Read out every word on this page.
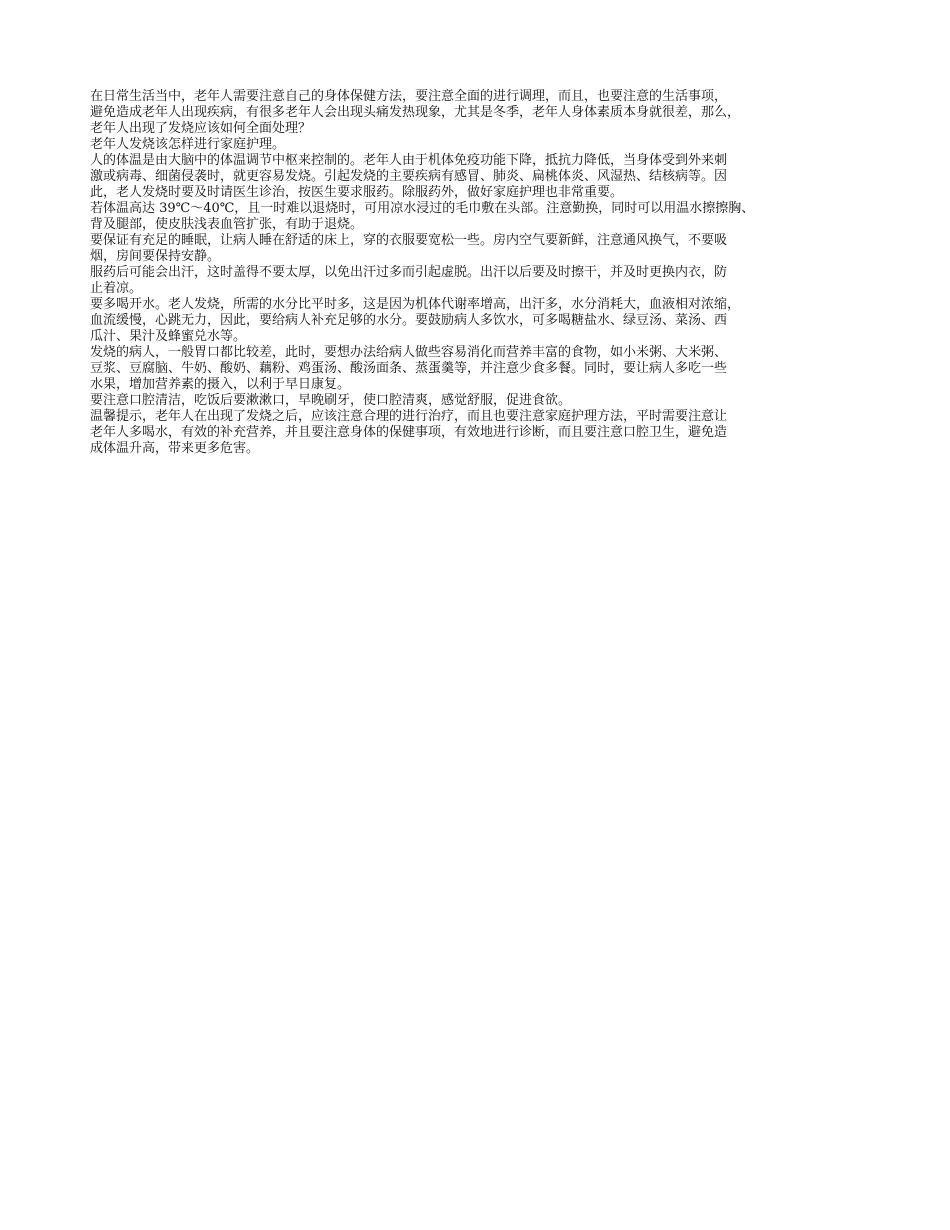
在日常生活当中，老年人需要注意自己的身体保健方法，要注意全面的进行调理，而且，也要注意的生活事项，
避免造成老年人出现疾病，有很多老年人会出现头痛发热现象，尤其是冬季，老年人身体素质本身就很差，那么，
老年人出现了发烧应该如何全面处理？

老年人发烧该怎样进行家庭护理。

人的体温是由大脑中的体温调节中枢来控制的。老年人由于机体免疫功能下降，抵抗力降低，当身体受到外来刺
激或病毒、细菌侵袭时，就更容易发烧。引起发烧的主要疾病有感冒、肺炎、扁桃体炎、风湿热、结核病等。因
此，老人发烧时要及时请医生诊治，按医生要求服药。除服药外，做好家庭护理也非常重要。

若体温高达 39℃～40℃，且一时难以退烧时，可用凉水浸过的毛巾敷在头部。注意勤换，同时可以用温水擦擦胸、
背及腿部，使皮肤浅表血管扩张，有助于退烧。

要保证有充足的睡眠，让病人睡在舒适的床上，穿的衣服要宽松一些。房内空气要新鲜，注意通风换气，不要吸
烟，房间要保持安静。

服药后可能会出汗，这时盖得不要太厚，以免出汗过多而引起虚脱。出汗以后要及时擦干，并及时更换内衣，防
止着凉。

要多喝开水。老人发烧，所需的水分比平时多，这是因为机体代谢率增高，出汗多，水分消耗大，血液相对浓缩，
血流缓慢，心跳无力，因此，要给病人补充足够的水分。要鼓励病人多饮水，可多喝糖盐水、绿豆汤、菜汤、西
瓜汁、果汁及蜂蜜兑水等。

发烧的病人，一般胃口都比较差，此时，要想办法给病人做些容易消化而营养丰富的食物，如小米粥、大米粥、
豆浆、豆腐脑、牛奶、酸奶、藕粉、鸡蛋汤、酸汤面条、蒸蛋羹等，并注意少食多餐。同时，要让病人多吃一些
水果，增加营养素的摄入，以利于早日康复。

要注意口腔清洁，吃饭后要漱漱口，早晚刷牙，使口腔清爽，感觉舒服，促进食欲。

温馨提示，老年人在出现了发烧之后，应该注意合理的进行治疗，而且也要注意家庭护理方法，平时需要注意让
老年人多喝水，有效的补充营养，并且要注意身体的保健事项，有效地进行诊断，而且要注意口腔卫生，避免造
成体温升高，带来更多危害。
